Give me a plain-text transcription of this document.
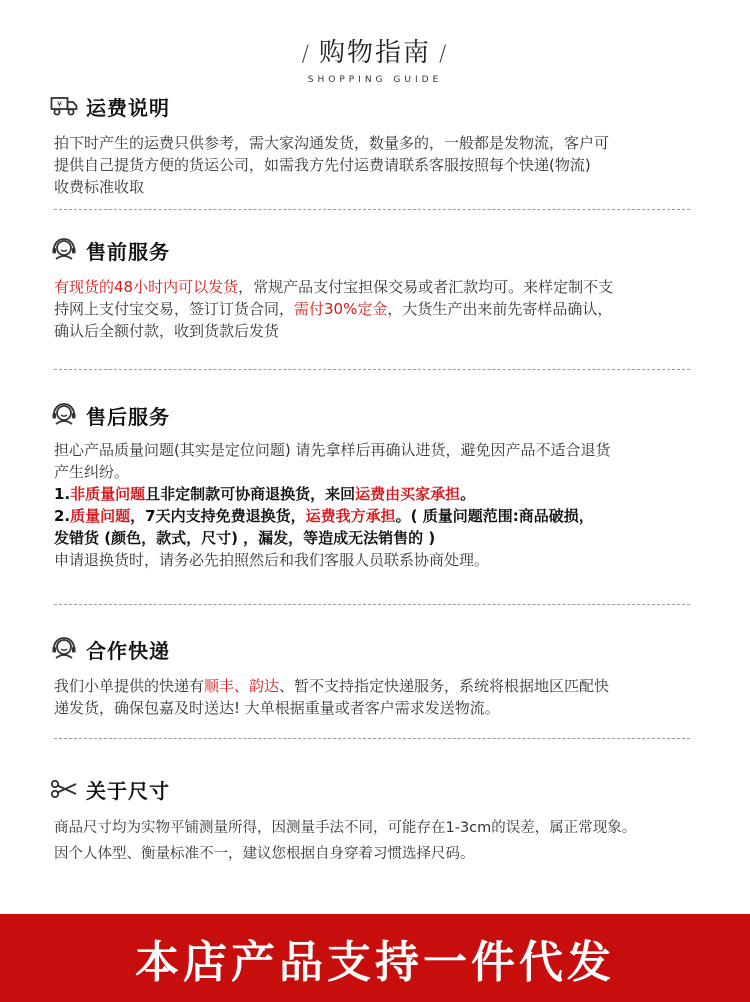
/ 购物指南 /
SHOPPING GUIDE
¥ 运费说明

拍下时产生的运费只供参考，需大家沟通发货，数量多的，一般都是发物流，客户可

提供自己提货方便的货运公司，如需我方先付运费请联系客服按照每个快递(物流)

收费标准收取

售前服务

有现货的48小时内可以发货，常规产品支付宝担保交易或者汇款均可。来样定制不支

持网上支付宝交易，签订订货合同，需付30%定金，大货生产出来前先寄样品确认，

确认后全额付款，收到货款后发货

售后服务

担心产品质量问题(其实是定位问题) 请先拿样后再确认进货，避免因产品不适合退货

产生纠纷。

1.非质量问题且非定制款可协商退换货，来回运费由买家承担。

2.质量问题，7天内支持免费退换货，运费我方承担。( 质量问题范围:商品破损，

发错货 (颜色，款式，尺寸) ，漏发，等造成无法销售的 )

申请退换货时，请务必先拍照然后和我们客服人员联系协商处理。

合作快递

我们小单提供的快递有顺丰、韵达、暂不支持指定快递服务，系统将根据地区匹配快

递发货，确保包嘉及时送达! 大单根据重量或者客户需求发送物流。

关于尺寸

商品尺寸均为实物平铺测量所得，因测量手法不同，可能存在1-3cm的误差，属正常现象。

因个人体型、衡量标准不一，建议您根据自身穿着习惯选择尺码。

本店产品支持一件代发
